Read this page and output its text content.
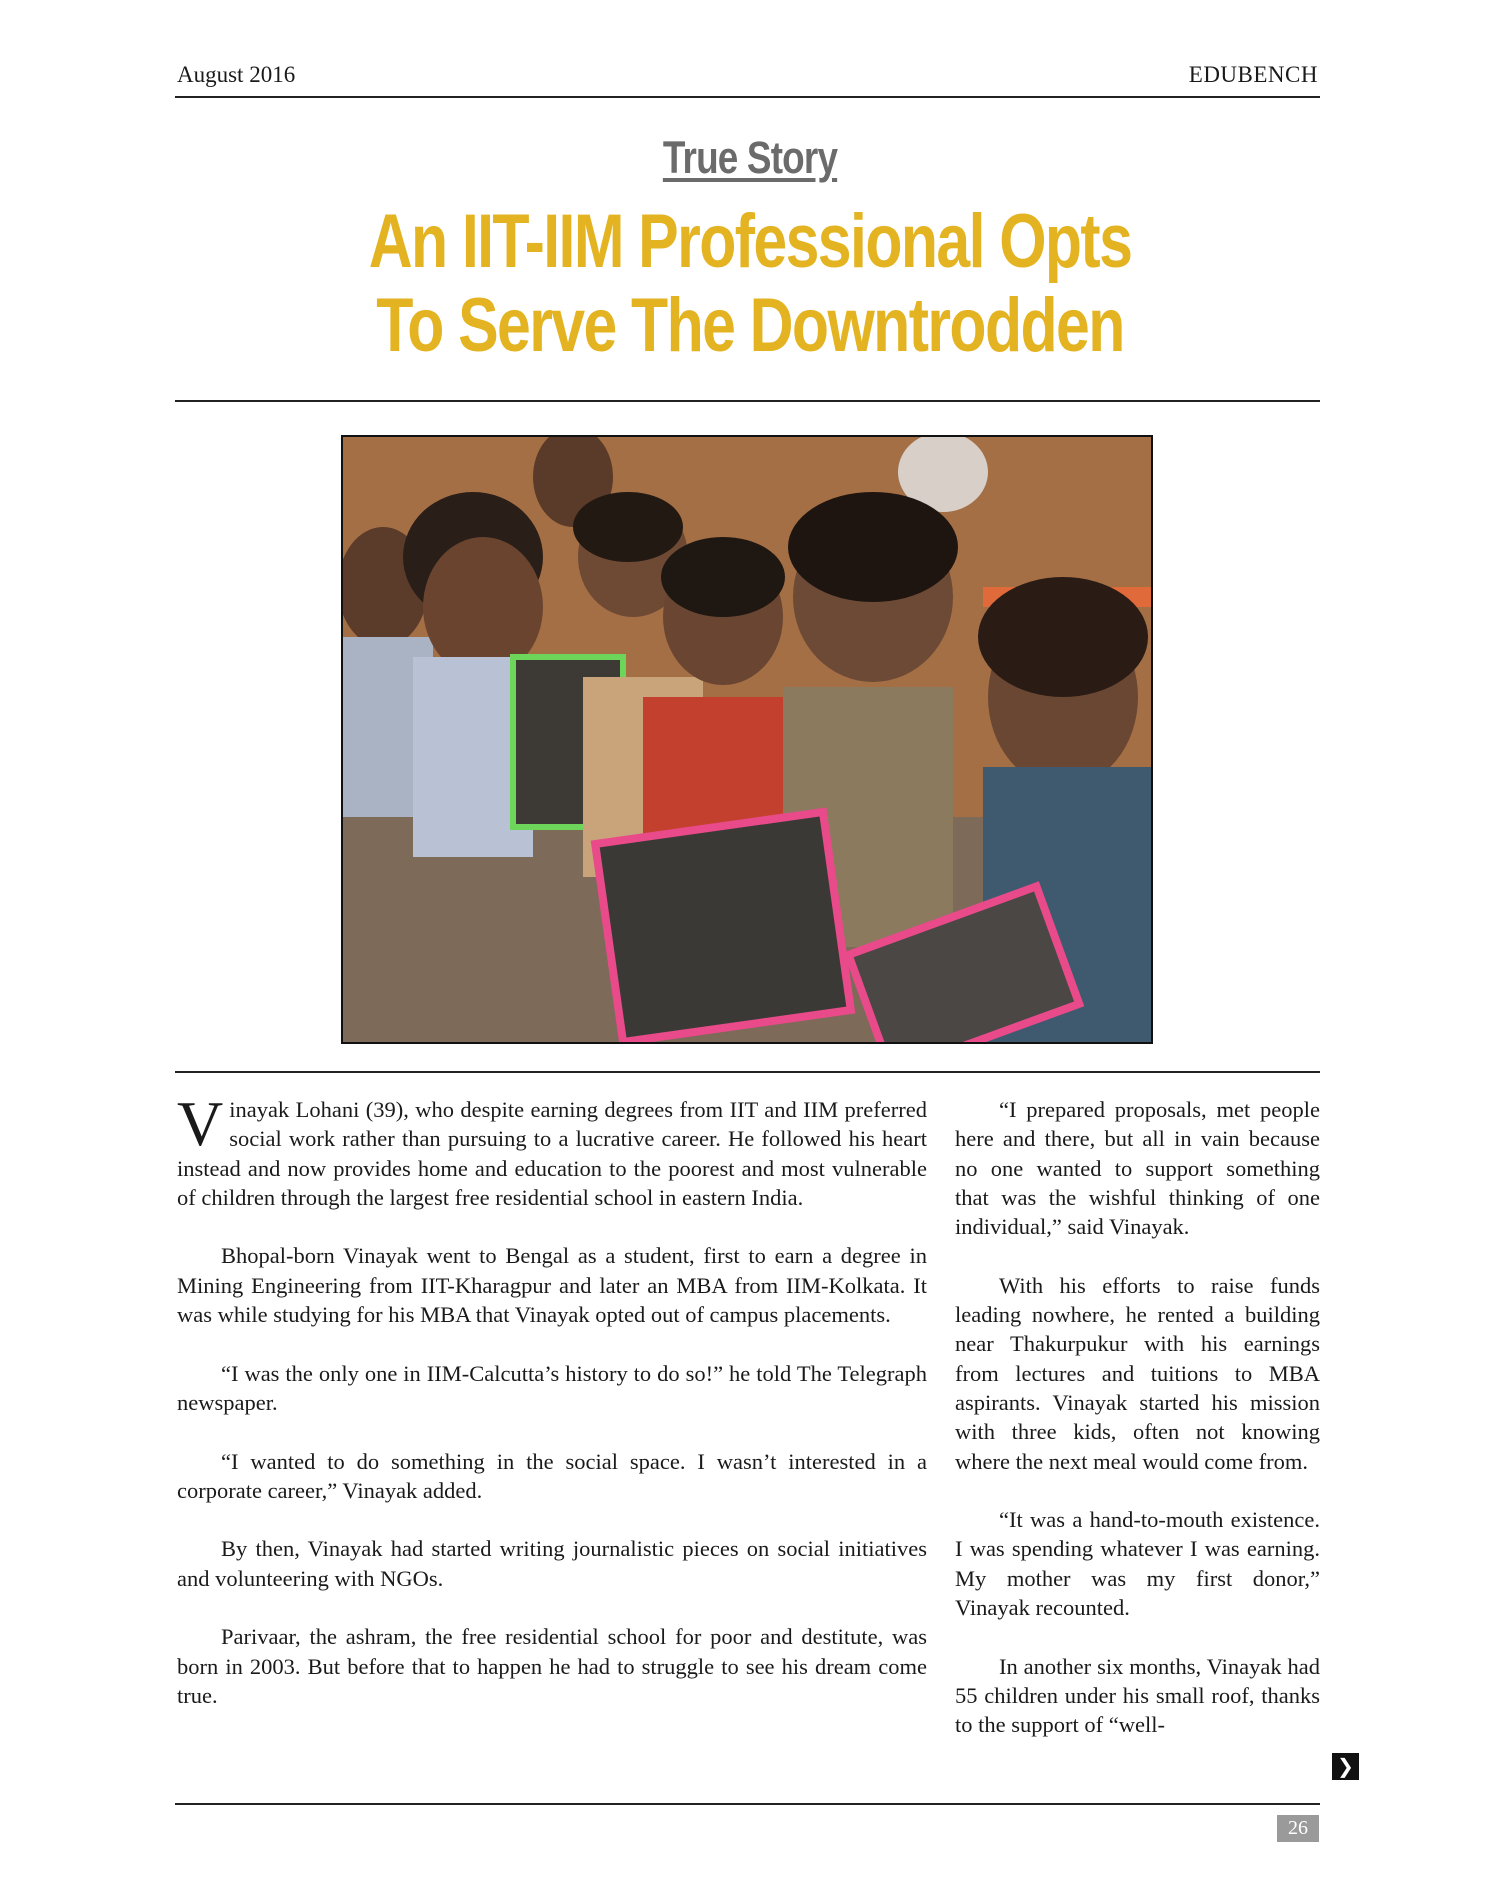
August 2016	EDUBENCH
True Story
An IIT-IIM Professional Opts
To Serve The Downtrodden

Vinayak Lohani (39), who despite earning degrees from IIT and IIM preferred social work rather than pursuing to a lucrative career. He followed his heart instead and now provides home and education to the poorest and most vulnerable of children through the largest free residential school in eastern India.

Bhopal-born Vinayak went to Bengal as a student, first to earn a degree in Mining Engineering from IIT-Kharagpur and later an MBA from IIM-Kolkata. It was while studying for his MBA that Vinayak opted out of campus placements.

“I was the only one in IIM-Calcutta’s history to do so!” he told The Telegraph newspaper.

“I wanted to do something in the social space. I wasn’t interested in a corporate career,” Vinayak added.

By then, Vinayak had started writing journalistic pieces on social initiatives and volunteering with NGOs.

Parivaar, the ashram, the free residential school for poor and destitute, was born in 2003. But before that to happen he had to struggle to see his dream come true.

“I prepared proposals, met people here and there, but all in vain because no one wanted to support something that was the wishful thinking of one individual,” said Vinayak.

With his efforts to raise funds leading nowhere, he rented a building near Thakurpukur with his earnings from lectures and tuitions to MBA aspirants. Vinayak started his mission with three kids, often not knowing where the next meal would come from.

“It was a hand-to-mouth existence. I was spending whatever I was earning. My mother was my first donor,” Vinayak recounted.

In another six months, Vinayak had 55 children under his small roof, thanks to the support of “well-

❯
26
